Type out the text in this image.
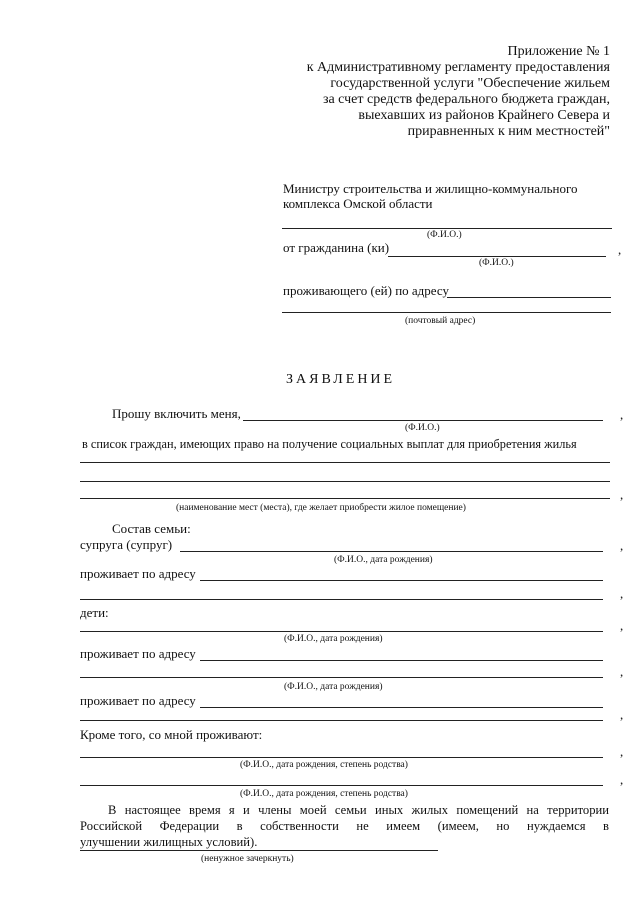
Приложение № 1
к Административному регламенту предоставления
государственной услуги "Обеспечение жильем
за счет средств федерального бюджета граждан,
выехавших из районов Крайнего Севера и
приравненных к ним местностей"
Министру строительства и жилищно-коммунального
комплекса Омской области
(Ф.И.О.)
от гражданина (ки)	,
(Ф.И.О.)
проживающего (ей) по адресу
(почтовый адрес)
ЗАЯВЛЕНИЕ
Прошу включить меня,	,
(Ф.И.О.)
в список граждан, имеющих право на получение социальных выплат для приобретения жилья
,
(наименование мест (места), где желает приобрести жилое помещение)
Состав семьи:
супруга (супруг)	,
(Ф.И.О., дата рождения)
проживает по адресу
,
дети:
,
(Ф.И.О., дата рождения)
проживает по адресу
,
(Ф.И.О., дата рождения)
проживает по адресу
,
Кроме того, со мной проживают:
,
(Ф.И.О., дата рождения, степень родства)
,
(Ф.И.О., дата рождения, степень родства)
В настоящее время я и члены моей семьи иных жилых помещений на территории
Российской Федерации в собственности не имеем (имеем, но нуждаемся в
улучшении жилищных условий).
(ненужное зачеркнуть)
